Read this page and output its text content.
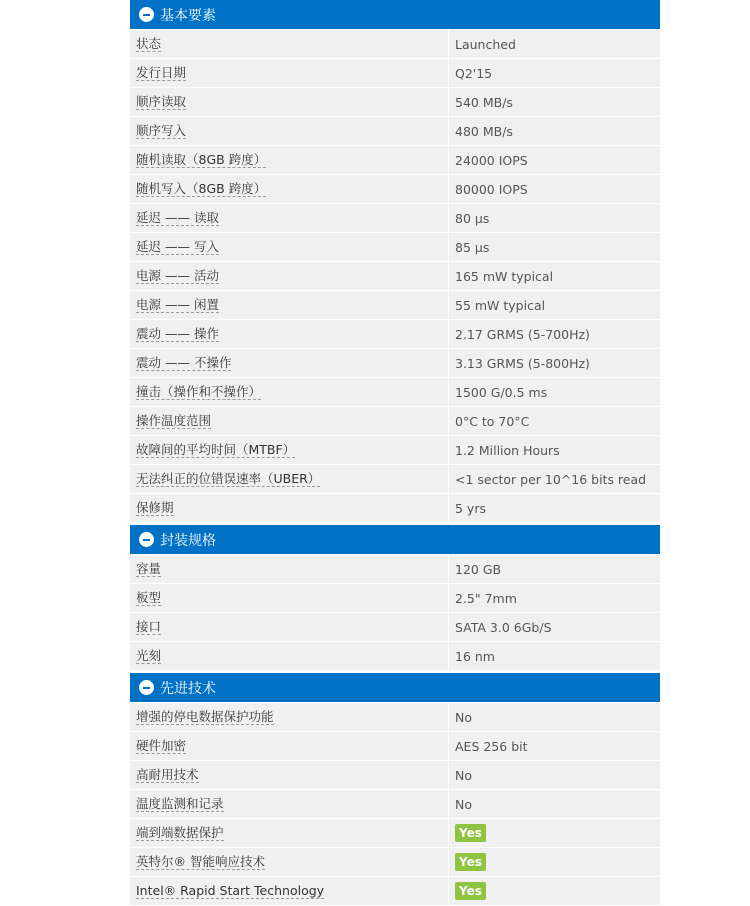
基本要素
状态	Launched
发行日期	Q2'15
顺序读取	540 MB/s
顺序写入	480 MB/s
随机读取（8GB 跨度）	24000 IOPS
随机写入（8GB 跨度）	80000 IOPS
延迟 —— 读取	80 µs
延迟 —— 写入	85 µs
电源 —— 活动	165 mW typical
电源 —— 闲置	55 mW typical
震动 —— 操作	2.17 GRMS (5-700Hz)
震动 —— 不操作	3.13 GRMS (5-800Hz)
撞击（操作和不操作）	1500 G/0.5 ms
操作温度范围	0°C to 70°C
故障间的平均时间（MTBF）	1.2 Million Hours
无法纠正的位错误速率（UBER）	<1 sector per 10^16 bits read
保修期	5 yrs
封装规格
容量	120 GB
板型	2.5" 7mm
接口	SATA 3.0 6Gb/S
光刻	16 nm
先进技术
增强的停电数据保护功能	No
硬件加密	AES 256 bit
高耐用技术	No
温度监测和记录	No
端到端数据保护	Yes
英特尔® 智能响应技术	Yes
Intel® Rapid Start Technology	Yes
